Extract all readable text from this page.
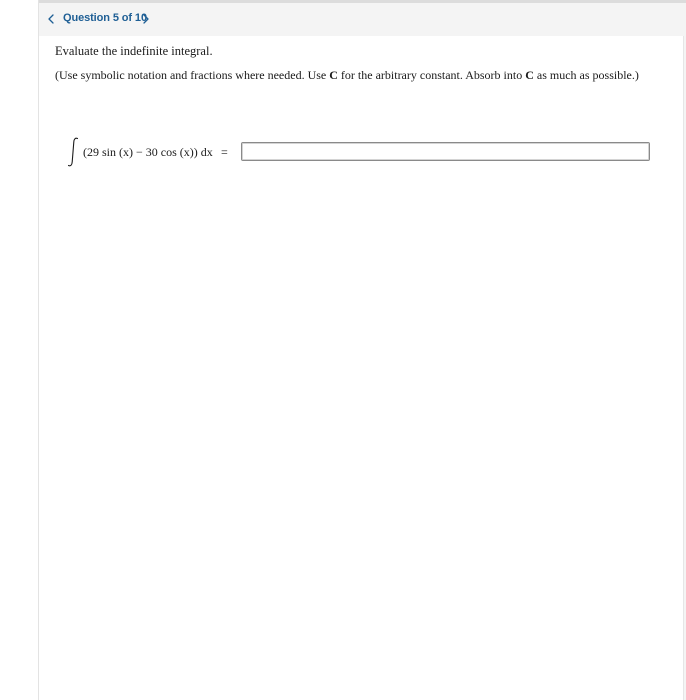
Question 5 of 10
Evaluate the indefinite integral.
(Use symbolic notation and fractions where needed. Use C for the arbitrary constant. Absorb into C as much as possible.)
(29 sin (x) − 30 cos (x)) dx =
